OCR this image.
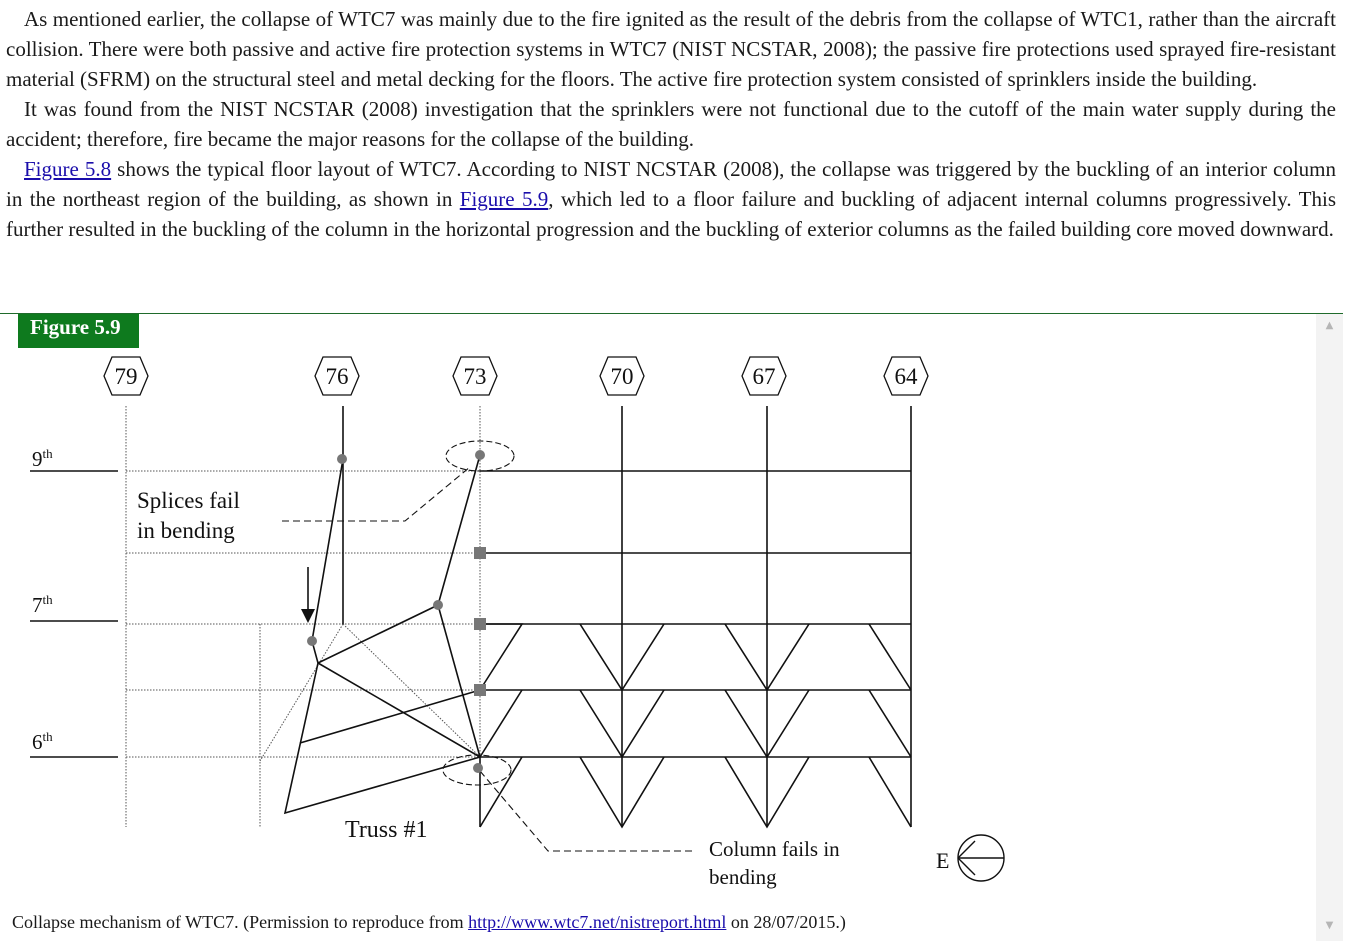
As mentioned earlier, the collapse of WTC7 was mainly due to the fire ignited as the result of the debris from the collapse of WTC1, rather than the aircraft collision. There were both passive and active fire protection systems in WTC7 (NIST NCSTAR, 2008); the passive fire protections used sprayed fire-resistant material (SFRM) on the structural steel and metal decking for the floors. The active fire protection system consisted of sprinklers inside the building.

It was found from the NIST NCSTAR (2008) investigation that the sprinklers were not functional due to the cutoff of the main water supply during the accident; therefore, fire became the major reasons for the collapse of the building.

Figure 5.8 shows the typical floor layout of WTC7. According to NIST NCSTAR (2008), the collapse was triggered by the buckling of an interior column in the northeast region of the building, as shown in Figure 5.9, which led to a floor failure and buckling of adjacent internal columns progressively. This further resulted in the buckling of the column in the horizontal progression and the buckling of exterior columns as the failed building core moved downward.

79	76	73	70	67	64
9th
7th
6th
Splices fail
in bending
Truss #1
Column fails in
bending
E
Figure 5.9
Collapse mechanism of WTC7. (Permission to reproduce from http://www.wtc7.net/nistreport.html on 28/07/2015.)
▲
▼
